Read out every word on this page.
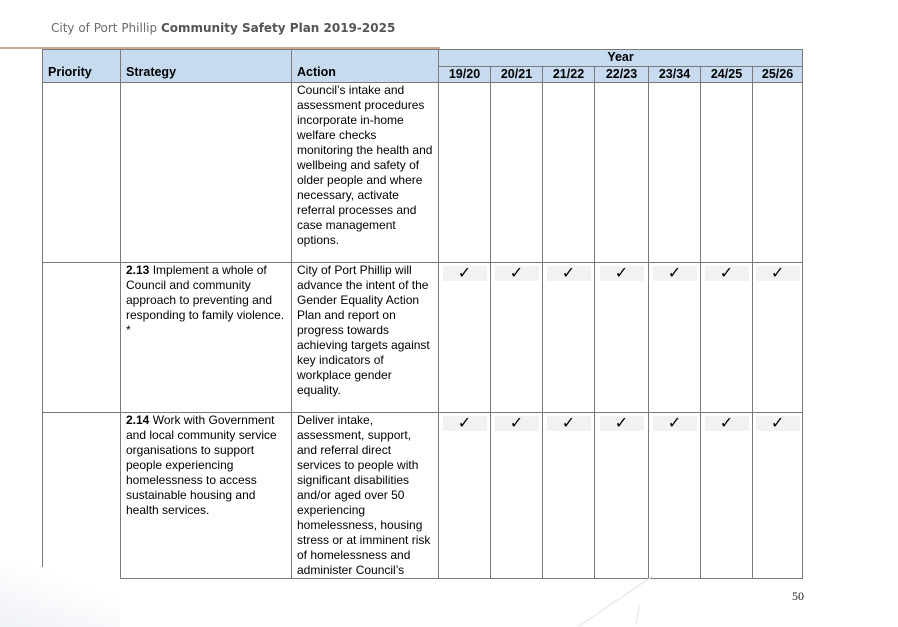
City of Port Phillip Community Safety Plan 2019-2025
Priority	Strategy	Action	Year						
			19/20	20/21	21/22	22/23	23/34	24/25	25/26
		Council’s intake and assessment procedures incorporate in-home welfare checks monitoring the health and wellbeing and safety of older people and where necessary, activate referral processes and case management options.							
	2.13 Implement a whole of Council and community approach to preventing and responding to family violence. *	City of Port Phillip will advance the intent of the Gender Equality Action Plan and report on progress towards achieving targets against key indicators of workplace gender equality.	✓	✓	✓	✓	✓	✓	✓

	2.14 Work with Government and local community service organisations to support people experiencing homelessness to access sustainable housing and health services.	Deliver intake, assessment, support, and referral direct services to people with significant disabilities and/or aged over 50 experiencing homelessness, housing stress or at imminent risk of homelessness and administer Council’s	✓	✓	✓	✓	✓	✓	✓
50
